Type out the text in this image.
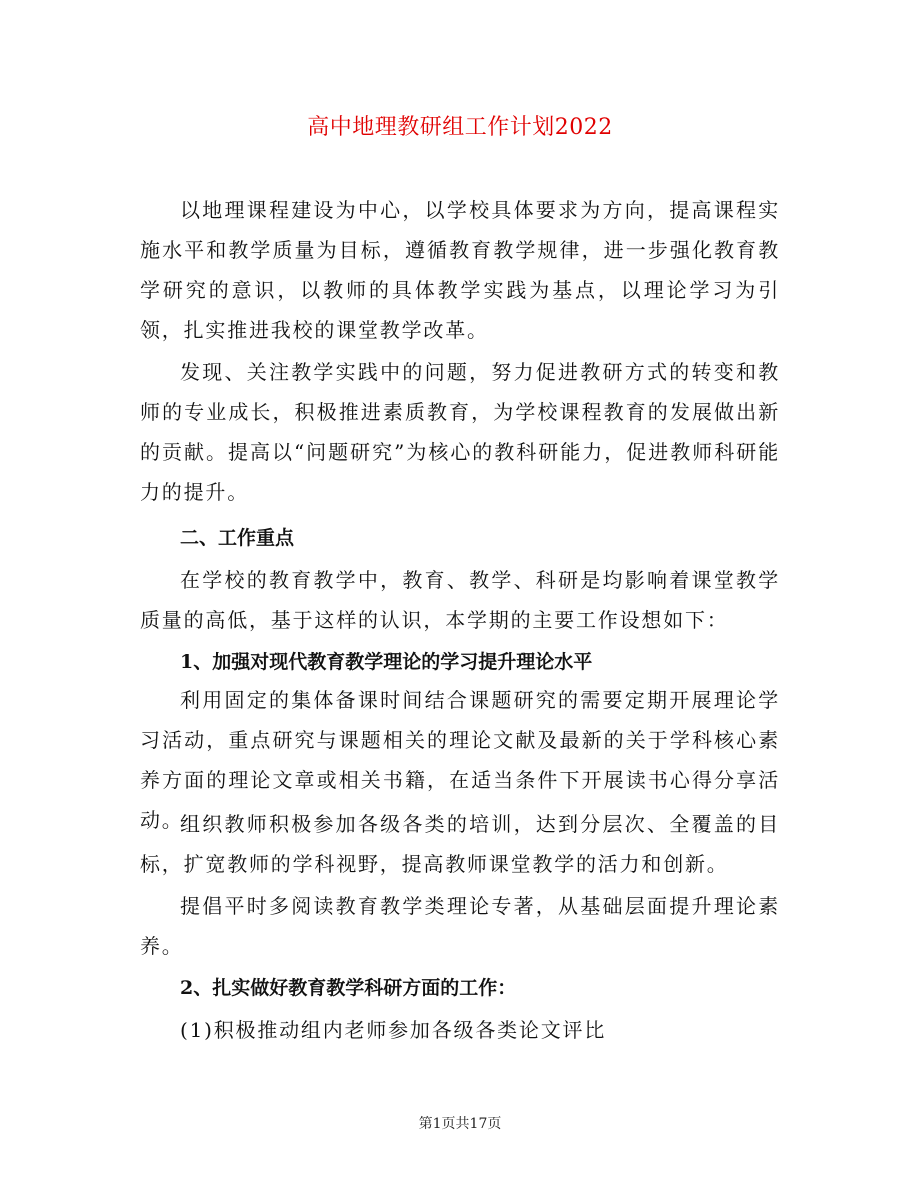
高中地理教研组工作计划2022
以地理课程建设为中心，以学校具体要求为方向，提高课程实施水平和教学质量为目标，遵循教育教学规律，进一步强化教育教学研究的意识，以教师的具体教学实践为基点，以理论学习为引领，扎实推进我校的课堂教学改革。
发现、关注教学实践中的问题，努力促进教研方式的转变和教师的专业成长，积极推进素质教育，为学校课程教育的发展做出新的贡献。提高以“问题研究”为核心的教科研能力，促进教师科研能力的提升。
二、工作重点
在学校的教育教学中，教育、教学、科研是均影响着课堂教学质量的高低，基于这样的认识，本学期的主要工作设想如下：
1、加强对现代教育教学理论的学习提升理论水平
利用固定的集体备课时间结合课题研究的需要定期开展理论学习活动，重点研究与课题相关的理论文献及最新的关于学科核心素养方面的理论文章或相关书籍，在适当条件下开展读书心得分享活动。
组织教师积极参加各级各类的培训，达到分层次、全覆盖的目标，扩宽教师的学科视野，提高教师课堂教学的活力和创新。
提倡平时多阅读教育教学类理论专著，从基础层面提升理论素养。
2、扎实做好教育教学科研方面的工作：
(1)积极推动组内老师参加各级各类论文评比
第1页共17页
